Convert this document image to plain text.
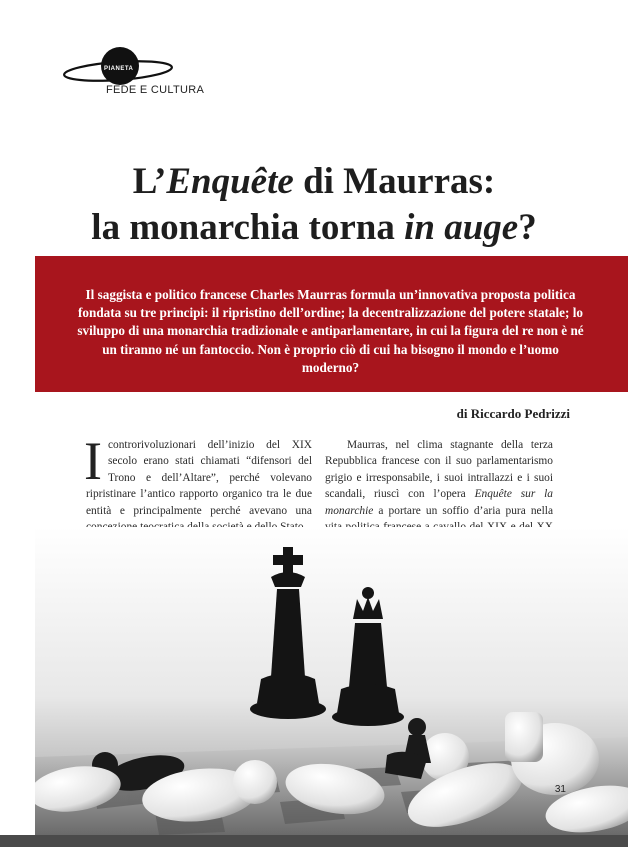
PIANETA
FEDE E CULTURA
L’Enquête di Maurras:
la monarchia torna in auge?

Il saggista e politico francese Charles Maurras formula un’innovativa proposta politica fondata su tre principi: il ripristino dell’ordine; la decentralizzazione del potere statale; lo sviluppo di una monarchia tradizionale e antiparlamentare, in cui la figura del re non è né un tiranno né un fantoccio. Non è proprio ciò di cui ha bisogno il mondo e l’uomo moderno?

di Riccardo Pedrizzi

Icontrorivoluzionari dell’inizio del XIX secolo erano stati chiamati “difensori del Trono e dell’Altare”, perché volevano ripristinare l’antico rapporto organico tra le due entità e principalmente perché avevano una

Maurras, nel clima stagnante della terza Repubblica francese con il suo parlamentarismo grigio e irresponsabile, i suoi intrallazzi e i suoi scandali, riuscì con l’opera Enquête sur la monarchie a portare un soffio d’aria pura nella

31
